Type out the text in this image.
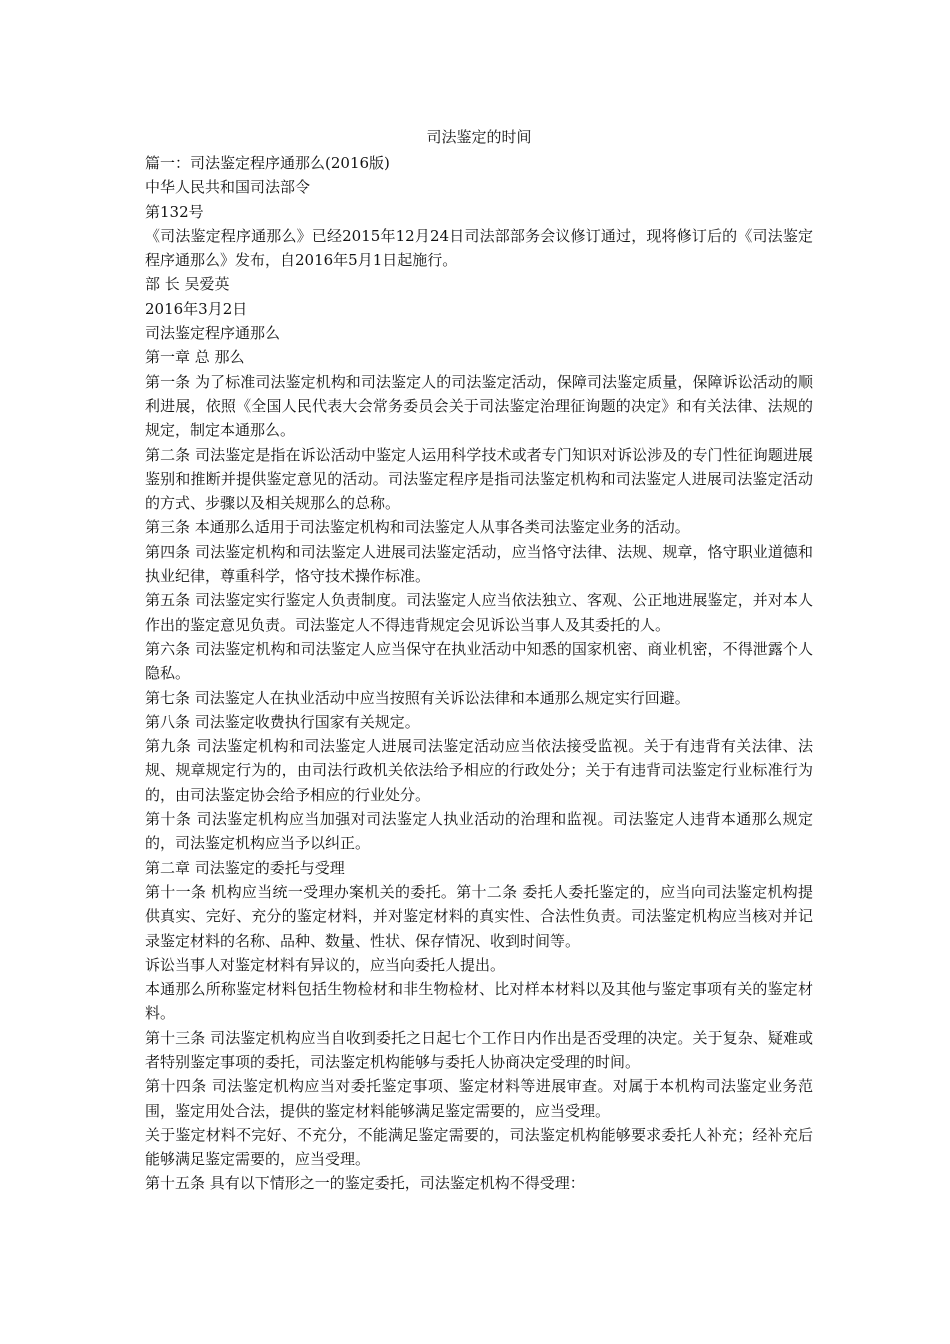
司法鉴定的时间
篇一：司法鉴定程序通那么(2016版)
中华人民共和国司法部令
第132号
《司法鉴定程序通那么》已经2015年12月24日司法部部务会议修订通过，现将修订后的《司法鉴定程序通那么》发布，自2016年5月1日起施行。
部 长 吴爱英
2016年3月2日
司法鉴定程序通那么
第一章 总 那么
第一条 为了标准司法鉴定机构和司法鉴定人的司法鉴定活动，保障司法鉴定质量，保障诉讼活动的顺利进展，依照《全国人民代表大会常务委员会关于司法鉴定治理征询题的决定》和有关法律、法规的规定，制定本通那么。
第二条 司法鉴定是指在诉讼活动中鉴定人运用科学技术或者专门知识对诉讼涉及的专门性征询题进展鉴别和推断并提供鉴定意见的活动。司法鉴定程序是指司法鉴定机构和司法鉴定人进展司法鉴定活动的方式、步骤以及相关规那么的总称。
第三条 本通那么适用于司法鉴定机构和司法鉴定人从事各类司法鉴定业务的活动。
第四条 司法鉴定机构和司法鉴定人进展司法鉴定活动，应当恪守法律、法规、规章，恪守职业道德和执业纪律，尊重科学，恪守技术操作标准。
第五条 司法鉴定实行鉴定人负责制度。司法鉴定人应当依法独立、客观、公正地进展鉴定，并对本人作出的鉴定意见负责。司法鉴定人不得违背规定会见诉讼当事人及其委托的人。
第六条 司法鉴定机构和司法鉴定人应当保守在执业活动中知悉的国家机密、商业机密，不得泄露个人隐私。
第七条 司法鉴定人在执业活动中应当按照有关诉讼法律和本通那么规定实行回避。
第八条 司法鉴定收费执行国家有关规定。
第九条 司法鉴定机构和司法鉴定人进展司法鉴定活动应当依法接受监视。关于有违背有关法律、法规、规章规定行为的，由司法行政机关依法给予相应的行政处分；关于有违背司法鉴定行业标准行为的，由司法鉴定协会给予相应的行业处分。
第十条 司法鉴定机构应当加强对司法鉴定人执业活动的治理和监视。司法鉴定人违背本通那么规定的，司法鉴定机构应当予以纠正。
第二章 司法鉴定的委托与受理
第十一条 机构应当统一受理办案机关的委托。第十二条 委托人委托鉴定的，应当向司法鉴定机构提供真实、完好、充分的鉴定材料，并对鉴定材料的真实性、合法性负责。司法鉴定机构应当核对并记录鉴定材料的名称、品种、数量、性状、保存情况、收到时间等。
诉讼当事人对鉴定材料有异议的，应当向委托人提出。
本通那么所称鉴定材料包括生物检材和非生物检材、比对样本材料以及其他与鉴定事项有关的鉴定材料。
第十三条 司法鉴定机构应当自收到委托之日起七个工作日内作出是否受理的决定。关于复杂、疑难或者特别鉴定事项的委托，司法鉴定机构能够与委托人协商决定受理的时间。
第十四条 司法鉴定机构应当对委托鉴定事项、鉴定材料等进展审查。对属于本机构司法鉴定业务范围，鉴定用处合法，提供的鉴定材料能够满足鉴定需要的，应当受理。
关于鉴定材料不完好、不充分，不能满足鉴定需要的，司法鉴定机构能够要求委托人补充；经补充后能够满足鉴定需要的，应当受理。
第十五条 具有以下情形之一的鉴定委托，司法鉴定机构不得受理：
